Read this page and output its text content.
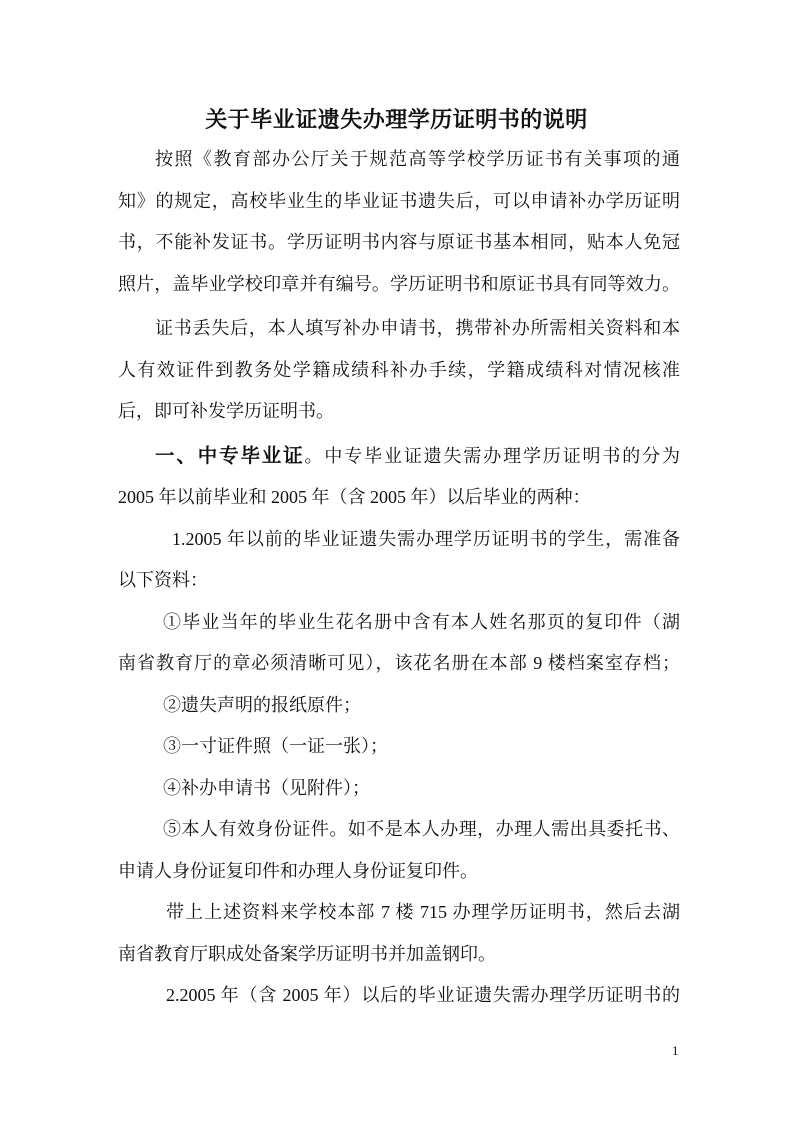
关于毕业证遗失办理学历证明书的说明
按照《教育部办公厅关于规范高等学校学历证书有关事项的通
知》的规定，高校毕业生的毕业证书遗失后，可以申请补办学历证明
书，不能补发证书。学历证明书内容与原证书基本相同，贴本人免冠
照片，盖毕业学校印章并有编号。学历证明书和原证书具有同等效力。
证书丢失后，本人填写补办申请书，携带补办所需相关资料和本
人有效证件到教务处学籍成绩科补办手续，学籍成绩科对情况核准
后，即可补发学历证明书。
一、中专毕业证。中专毕业证遗失需办理学历证明书的分为
2005 年以前毕业和 2005 年（含 2005 年）以后毕业的两种：
1.2005 年以前的毕业证遗失需办理学历证明书的学生，需准备
以下资料：
①毕业当年的毕业生花名册中含有本人姓名那页的复印件（湖
南省教育厅的章必须清晰可见），该花名册在本部 9 楼档案室存档；
②遗失声明的报纸原件；
③一寸证件照（一证一张）；
④补办申请书（见附件）；
⑤本人有效身份证件。如不是本人办理，办理人需出具委托书、
申请人身份证复印件和办理人身份证复印件。
带上上述资料来学校本部 7 楼 715 办理学历证明书，然后去湖
南省教育厅职成处备案学历证明书并加盖钢印。
2.2005 年（含 2005 年）以后的毕业证遗失需办理学历证明书的
1
